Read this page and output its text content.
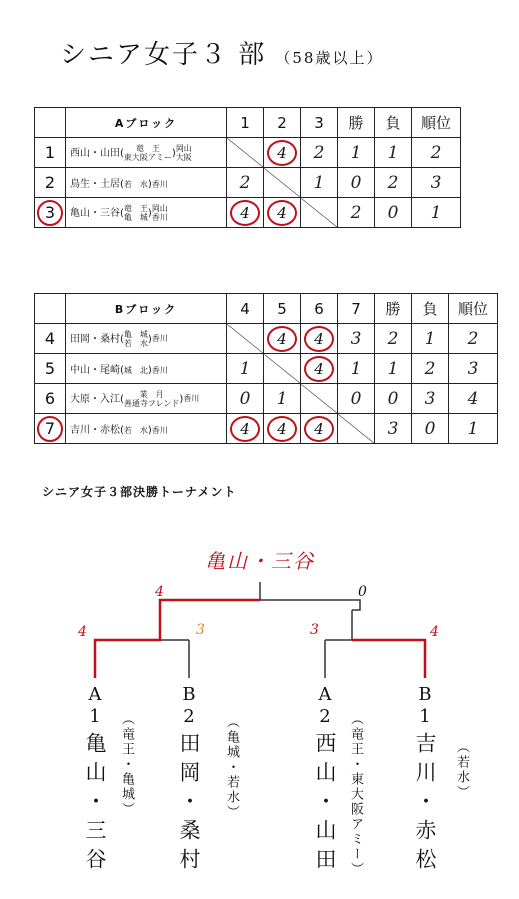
シニア女子３ 部 （58歳以上）
	Aブロック	1	2	3	勝	負	順位
1	西山・山田( 竜　王
東大阪アミー)岡山
大阪		4	2	1	1	2
2	鳥生・土居(若　水)香川	2		1	0	2	3
3	亀山・三谷(竜　王
亀　城)岡山
香川	4	4		2	0	1
	Bブロック	4	5	6	7	勝	負	順位
4	田岡・桑村(亀　城
若　水)香川		4	4	3	2	1	2
5	中山・尾崎(城　北)香川	1		4	1	1	2	3
6	大原・入江( 業　月
善通寺フレンド)香川	0	1		0	0	3	4
7	吉川・赤松(若　水)香川	4	4	4		3	0	1
シニア女子３部決勝トーナメント
亀山・三谷
4	0
4	3	3	4
A
1
亀山・三谷 （竜王・亀城）
B
2
田岡・桑村 （亀城・若水）
A
2
西山・山田 （竜王・東大阪アミー）
B
1
吉川・赤松 （若水）
